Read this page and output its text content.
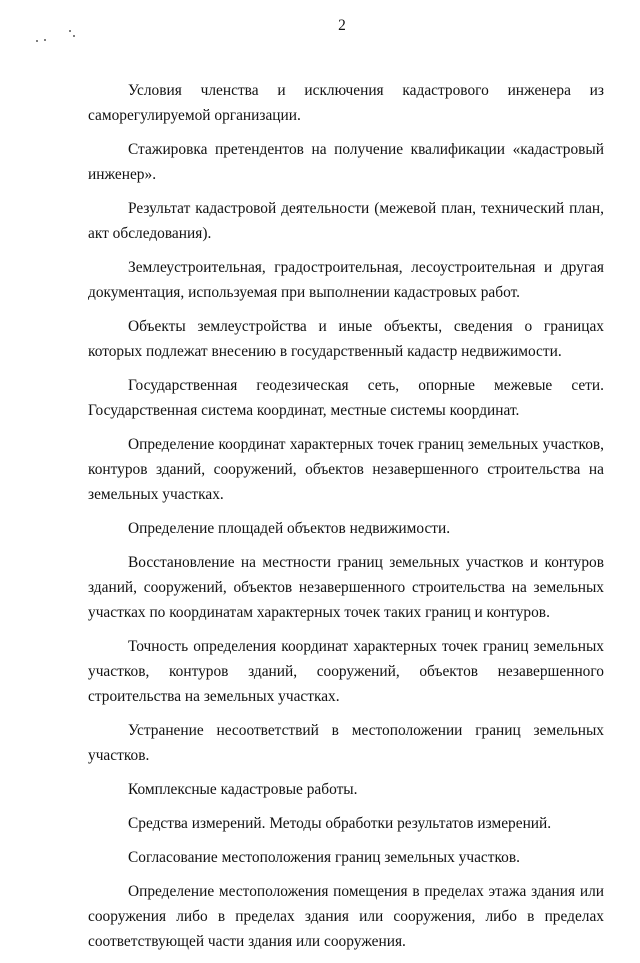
2

Условия членства и исключения кадастрового инженера из саморегулируемой организации.

Стажировка претендентов на получение квалификации «кадастровый инженер».

Результат кадастровой деятельности (межевой план, технический план, акт обследования).

Землеустроительная, градостроительная, лесоустроительная и другая документация, используемая при выполнении кадастровых работ.

Объекты землеустройства и иные объекты, сведения о границах которых подлежат внесению в государственный кадастр недвижимости.

Государственная геодезическая сеть, опорные межевые сети. Государственная система координат, местные системы координат.

Определение координат характерных точек границ земельных участков, контуров зданий, сооружений, объектов незавершенного строительства на земельных участках.

Определение площадей объектов недвижимости.

Восстановление на местности границ земельных участков и контуров зданий, сооружений, объектов незавершенного строительства на земельных участках по координатам характерных точек таких границ и контуров.

Точность определения координат характерных точек границ земельных участков, контуров зданий, сооружений, объектов незавершенного строительства на земельных участках.

Устранение несоответствий в местоположении границ земельных участков.

Комплексные кадастровые работы.

Средства измерений. Методы обработки результатов измерений.

Согласование местоположения границ земельных участков.

Определение местоположения помещения в пределах этажа здания или сооружения либо в пределах здания или сооружения, либо в пределах соответствующей части здания или сооружения.
